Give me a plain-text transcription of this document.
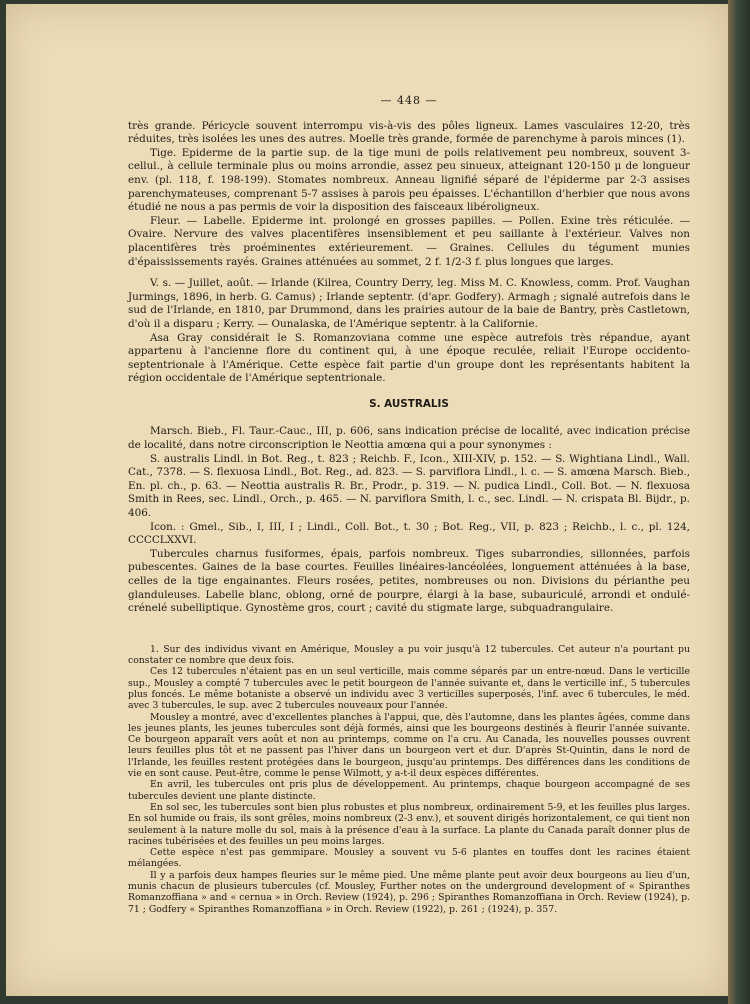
— 448 —

très grande. Péricycle souvent interrompu vis-à-vis des pôles ligneux. Lames vasculaires 12-20, très réduites, très isolées les unes des autres. Moelle très grande, formée de parenchyme à parois minces (1).

Tige. Epiderme de la partie sup. de la tige muni de poils relativement peu nombreux, souvent 3-cellul., à cellule terminale plus ou moins arrondie, assez peu sinueux, atteignant 120-150 μ de longueur env. (pl. 118, f. 198-199). Stomates nombreux. Anneau lignifié séparé de l'épiderme par 2-3 assises parenchymateuses, comprenant 5-7 assises à parois peu épaisses. L'échantillon d'herbier que nous avons étudié ne nous a pas permis de voir la disposition des faisceaux libéroligneux.

Fleur. — Labelle. Epiderme int. prolongé en grosses papilles. — Pollen. Exine très réticulée. — Ovaire. Nervure des valves placentifères insensiblement et peu saillante à l'extérieur. Valves non placentifères très proéminentes extérieurement. — Graines. Cellules du tégument munies d'épaississements rayés. Graines atténuées au sommet, 2 f. 1/2-3 f. plus longues que larges.

V. s. — Juillet, août. — Irlande (Kilrea, Country Derry, leg. Miss M. C. Knowless, comm. Prof. Vaughan Jurmings, 1896, in herb. G. Camus) ; Irlande septentr. (d'apr. Godfery). Armagh ; signalé autrefois dans le sud de l'Irlande, en 1810, par Drummond, dans les prairies autour de la baie de Bantry, près Castletown, d'où il a disparu ; Kerry. — Ounalaska, de l'Amérique septentr. à la Californie.

Asa Gray considérait le S. Romanzoviana comme une espèce autrefois très répandue, ayant appartenu à l'ancienne flore du continent qui, à une époque reculée, reliait l'Europe occidento-septentrionale à l'Amérique. Cette espèce fait partie d'un groupe dont les représentants habitent la région occidentale de l'Amérique septentrionale.

S. AUSTRALIS

Marsch. Bieb., Fl. Taur.-Cauc., III, p. 606, sans indication précise de localité, avec indication précise de localité, dans notre circonscription le Neottia amœna qui a pour synonymes :

S. australis Lindl. in Bot. Reg., t. 823 ; Reichb. F., Icon., XIII-XIV, p. 152. — S. Wightiana Lindl., Wall. Cat., 7378. — S. flexuosa Lindl., Bot. Reg., ad. 823. — S. parviflora Lindl., l. c. — S. amœna Marsch. Bieb., En. pl. ch., p. 63. — Neottia australis R. Br., Prodr., p. 319. — N. pudica Lindl., Coll. Bot. — N. flexuosa Smith in Rees, sec. Lindl., Orch., p. 465. — N. parviflora Smith, l. c., sec. Lindl. — N. crispata Bl. Bijdr., p. 406.

Icon. : Gmel., Sib., I, III, I ; Lindl., Coll. Bot., t. 30 ; Bot. Reg., VII, p. 823 ; Reichb., l. c., pl. 124, CCCCLXXVI.

Tubercules charnus fusiformes, épais, parfois nombreux. Tiges subarrondies, sillonnées, parfois pubescentes. Gaines de la base courtes. Feuilles linéaires-lancéolées, longuement atténuées à la base, celles de la tige engainantes. Fleurs rosées, petites, nombreuses ou non. Divisions du périanthe peu glanduleuses. Labelle blanc, oblong, orné de pourpre, élargi à la base, subauriculé, arrondi et ondulé-crénelé subelliptique. Gynostème gros, court ; cavité du stigmate large, subquadrangulaire.

1. Sur des individus vivant en Amérique, Mousley a pu voir jusqu'à 12 tubercules. Cet auteur n'a pourtant pu constater ce nombre que deux fois.

Ces 12 tubercules n'étaient pas en un seul verticille, mais comme séparés par un entre-nœud. Dans le verticille sup., Mousley a compté 7 tubercules avec le petit bourgeon de l'année suivante et, dans le verticille inf., 5 tubercules plus foncés. Le même botaniste a observé un individu avec 3 verticilles superposés, l'inf. avec 6 tubercules, le méd. avec 3 tubercules, le sup. avec 2 tubercules nouveaux pour l'année.

Mousley a montré, avec d'excellentes planches à l'appui, que, dès l'automne, dans les plantes âgées, comme dans les jeunes plants, les jeunes tubercules sont déjà formés, ainsi que les bourgeons destinés à fleurir l'année suivante. Ce bourgeon apparaît vers août et non au printemps, comme on l'a cru. Au Canada, les nouvelles pousses ouvrent leurs feuilles plus tôt et ne passent pas l'hiver dans un bourgeon vert et dur. D'après St-Quintin, dans le nord de l'Irlande, les feuilles restent protégées dans le bourgeon, jusqu'au printemps. Des différences dans les conditions de vie en sont cause. Peut-être, comme le pense Wilmott, y a-t-il deux espèces différentes.

En avril, les tubercules ont pris plus de développement. Au printemps, chaque bourgeon accompagné de ses tubercules devient une plante distincte.

En sol sec, les tubercules sont bien plus robustes et plus nombreux, ordinairement 5-9, et les feuilles plus larges. En sol humide ou frais, ils sont grêles, moins nombreux (2-3 env.), et souvent dirigés horizontalement, ce qui tient non seulement à la nature molle du sol, mais à la présence d'eau à la surface. La plante du Canada paraît donner plus de racines tubérisées et des feuilles un peu moins larges.

Cette espèce n'est pas gemmipare. Mousley a souvent vu 5-6 plantes en touffes dont les racines étaient mélangées.

Il y a parfois deux hampes fleuries sur le même pied. Une même plante peut avoir deux bourgeons au lieu d'un, munis chacun de plusieurs tubercules (cf. Mousley, Further notes on the underground development of « Spiranthes Romanzoffiana » and « cernua » in Orch. Review (1924), p. 296 ; Spiranthes Romanzoffiana in Orch. Review (1924), p. 71 ; Godfery « Spiranthes Romanzoffiana » in Orch. Review (1922), p. 261 ; (1924), p. 357.
